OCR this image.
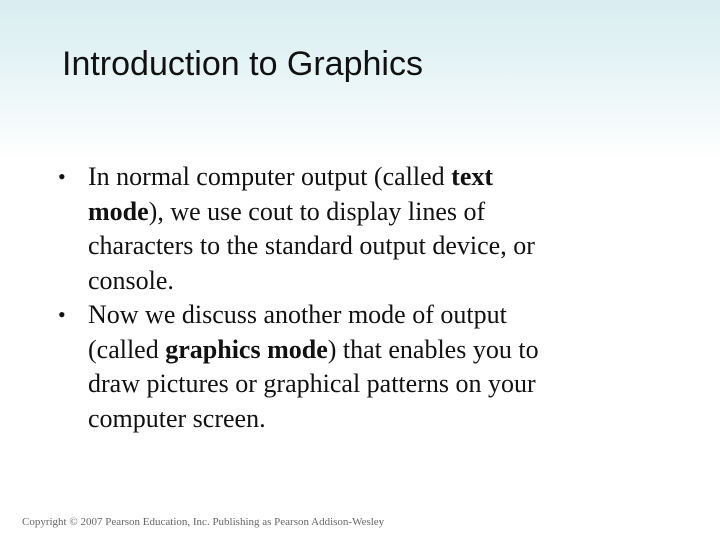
Introduction to Graphics
• In normal computer output (called text
mode), we use cout to display lines of
characters to the standard output device, or
console.
• Now we discuss another mode of output
(called graphics mode) that enables you to
draw pictures or graphical patterns on your
computer screen.
Copyright © 2007 Pearson Education, Inc. Publishing as Pearson Addison-Wesley
